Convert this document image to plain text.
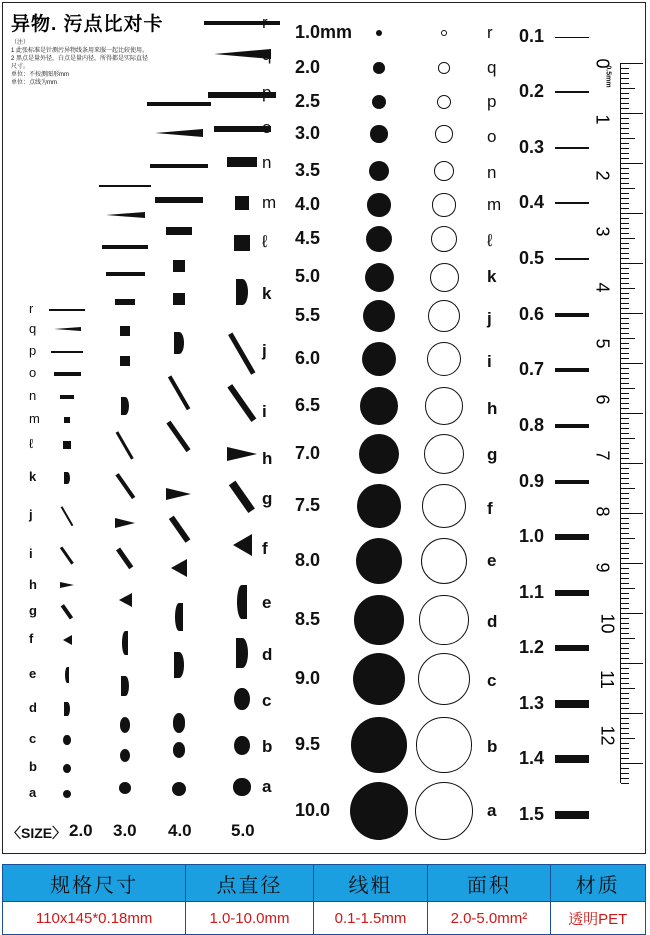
异物. 污点比对卡
（注）
1 此张标准是针测污异物线条用来服一起比较使用。
2 黑点是量外径，白点是量内径，所得都是实际直径尺寸。
单位：不按测图形mm
单位：点线为mm
r
q
p
o
n
m
ℓ
k
j
i
h
g
f
e
d
c
b
a
q
n
m
ℓ
k
j
i
h
g
f
e
d
c
b
a
〈SIZE〉 2.0 3.0 4.0 5.0
1.0mm
2.0
2.5
3.0
3.5
4.0
4.5
5.0
5.5
6.0
6.5
7.0
7.5
8.0
8.5
9.0
9.5
10.0
r
q
p
o
n
m
ℓ
k
j
i
h
g
f
e
d
c
b
a
0.1
0.2
0.3
0.4
0.5
0.6
0.7
0.8
0.9
1.0
1.1
1.2
1.3
1.4
1.5
0
1
2
3
4
5
6
7
8
9
10
11
12
0.5mm
规格尺寸	点直径	线粗	面积	材质
110x145*0.18mm	1.0-10.0mm	0.1-1.5mm	2.0-5.0mm²	透明PET
